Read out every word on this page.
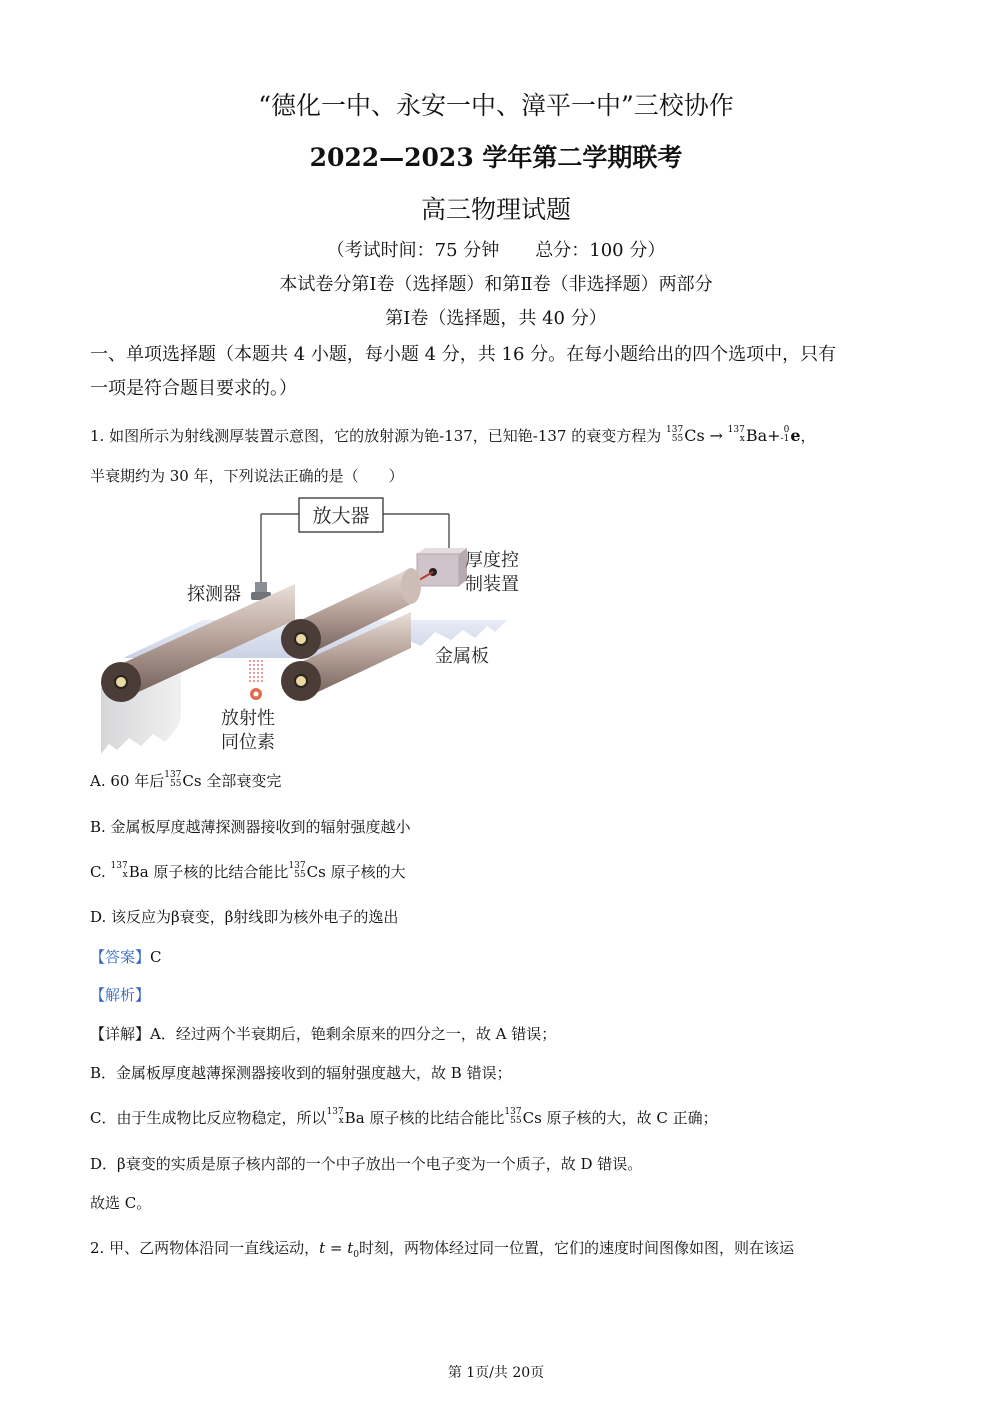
“德化一中、永安一中、漳平一中”三校协作
2022—2023 学年第二学期联考
高三物理试题
（考试时间：75 分钟　　总分：100 分）
本试卷分第Ⅰ卷（选择题）和第Ⅱ卷（非选择题）两部分
第Ⅰ卷（选择题，共 40 分）
一、单项选择题（本题共 4 小题，每小题 4 分，共 16 分。在每小题给出的四个选项中，只有
一项是符合题目要求的。）
1. 如图所示为射线测厚装置示意图，它的放射源为铯-137，已知铯-137 的衰变方程为 137
55 Cs → 137
x Ba+ 0
-1 e，
半衰期约为 30 年，下列说法正确的是（　　）
放大器
厚度控
制装置
探测器
金属板
放射性
同位素
A. 60 年后 137
55 Cs 全部衰变完
B. 金属板厚度越薄探测器接收到的辐射强度越小
C. 137
x Ba 原子核的比结合能比 137
55 Cs 原子核的大
D. 该反应为β衰变，β射线即为核外电子的逸出
【答案】C
【解析】
【详解】A．经过两个半衰期后，铯剩余原来的四分之一，故 A 错误；
B．金属板厚度越薄探测器接收到的辐射强度越大，故 B 错误；
C．由于生成物比反应物稳定，所以 137
x Ba 原子核的比结合能比 137
55 Cs 原子核的大，故 C 正确；
D．β衰变的实质是原子核内部的一个中子放出一个电子变为一个质子，故 D 错误。
故选 C。
2. 甲、乙两物体沿同一直线运动，$t = t_0$时刻，两物体经过同一位置，它们的速度时间图像如图，则在该运
第 1页/共 20页
